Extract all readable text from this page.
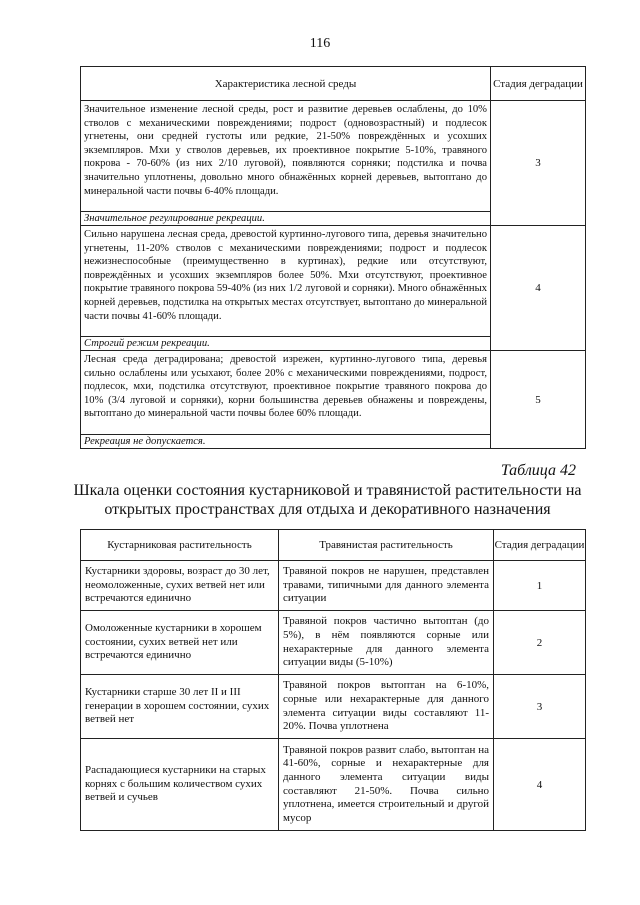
116
Характеристика лесной среды	Стадия деградации
Значительное изменение лесной среды, рост и развитие деревьев ослаблены, до 10% стволов с механическими повреждениями; подрост (одновозрастный) и подлесок угнетены, они средней густоты или редкие, 21-50% повреждённых и усохших экземпляров. Мхи у стволов деревьев, их проективное покрытие 5-10%, травяного покрова - 70-60% (из них 2/10 луговой), появляются сорняки; подстилка и почва значительно уплотнены, довольно много обнажённых корней деревьев, вытоптано до минеральной части почвы 6-40% площади.	3
Значительное регулирование рекреации.	
Сильно нарушена лесная среда, древостой куртинно-лугового типа, деревья значительно угнетены, 11-20% стволов с механическими повреждениями; подрост и подлесок нежизнеспособные (преимущественно в куртинах), редкие или отсутствуют, повреждённых и усохших экземпляров более 50%. Мхи отсутствуют, проективное покрытие травяного покрова 59-40% (из них 1/2 луговой и сорняки). Много обнажённых корней деревьев, подстилка на открытых местах отсутствует, вытоптано до минеральной части почвы 41-60% площади.	4
Строгий режим рекреации.	
Лесная среда деградирована; древостой изрежен, куртинно-лугового типа, деревья сильно ослаблены или усыхают, более 20% с механическими повреждениями, подрост, подлесок, мхи, подстилка отсутствуют, проективное покрытие травяного покрова до 10% (3/4 луговой и сорняки), корни большинства деревьев обнажены и повреждены, вытоптано до минеральной части почвы более 60% площади.	5
Рекреация не допускается.	
Таблица 42
Шкала оценки состояния кустарниковой и травянистой растительности на открытых пространствах для отдыха и декоративного назначения
Кустарниковая растительность	Травянистая растительность	Стадия деградации
Кустарники здоровы, возраст до 30 лет, неомоложенные, сухих ветвей нет или встречаются единично	Травяной покров не нарушен, представлен травами, типичными для данного элемента ситуации	1
Омоложенные кустарники в хорошем состоянии, сухих ветвей нет или встречаются единично	Травяной покров частично вытоптан (до 5%), в нём появляются сорные или нехарактерные для данного элемента ситуации виды (5-10%)	2
Кустарники старше 30 лет II и III генерации в хорошем состоянии, сухих ветвей нет	Травяной покров вытоптан на 6-10%, сорные или нехарактерные для данного элемента ситуации виды составляют 11-20%. Почва уплотнена	3
Распадающиеся кустарники на старых корнях с большим количеством сухих ветвей и сучьев	Травяной покров развит слабо, вытоптан на 41-60%, сорные и нехарактерные для данного элемента ситуации виды составляют 21-50%. Почва сильно уплотнена, имеется строительный и другой мусор	4
